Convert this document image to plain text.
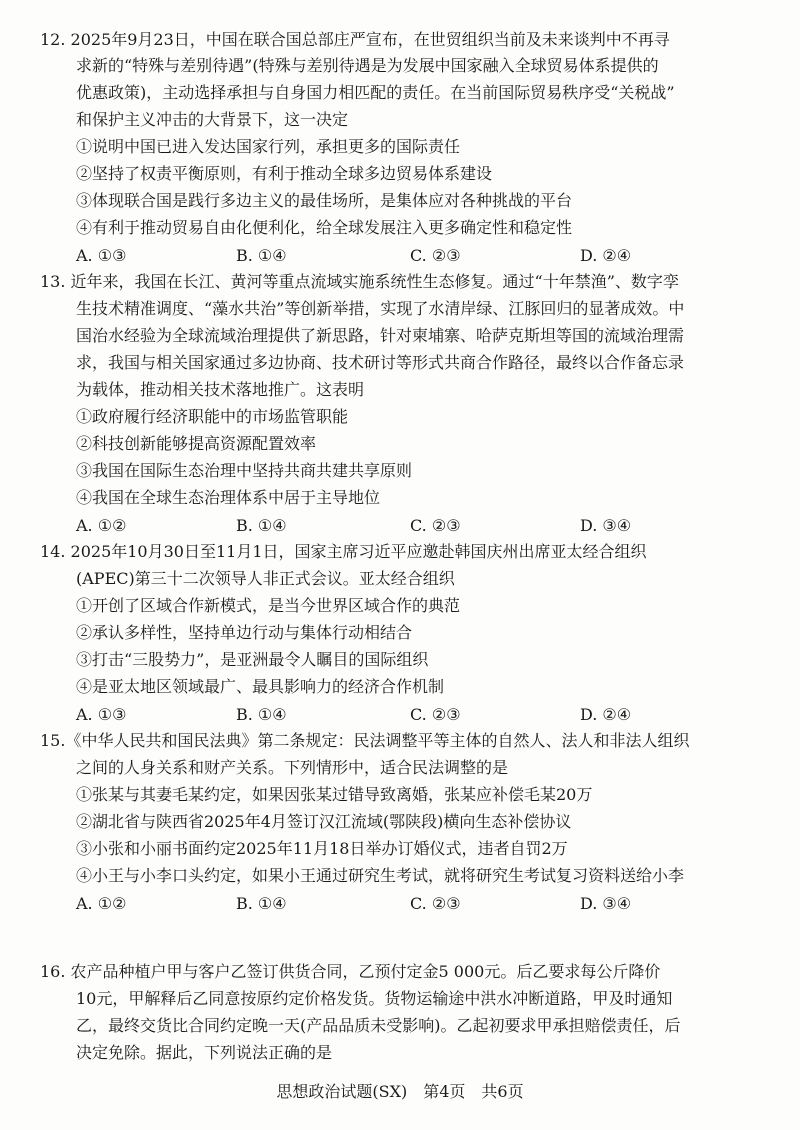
12. 2025年9月23日，中国在联合国总部庄严宣布，在世贸组织当前及未来谈判中不再寻
求新的“特殊与差别待遇”(特殊与差别待遇是为发展中国家融入全球贸易体系提供的
优惠政策)，主动选择承担与自身国力相匹配的责任。在当前国际贸易秩序受“关税战”
和保护主义冲击的大背景下，这一决定
①说明中国已进入发达国家行列，承担更多的国际责任
②坚持了权责平衡原则，有利于推动全球多边贸易体系建设
③体现联合国是践行多边主义的最佳场所，是集体应对各种挑战的平台
④有利于推动贸易自由化便利化，给全球发展注入更多确定性和稳定性
A. ①③	B. ①④	C. ②③	D. ②④
13. 近年来，我国在长江、黄河等重点流域实施系统性生态修复。通过“十年禁渔”、数字孪
生技术精准调度、“藻水共治”等创新举措，实现了水清岸绿、江豚回归的显著成效。中
国治水经验为全球流域治理提供了新思路，针对柬埔寨、哈萨克斯坦等国的流域治理需
求，我国与相关国家通过多边协商、技术研讨等形式共商合作路径，最终以合作备忘录
为载体，推动相关技术落地推广。这表明
①政府履行经济职能中的市场监管职能
②科技创新能够提高资源配置效率
③我国在国际生态治理中坚持共商共建共享原则
④我国在全球生态治理体系中居于主导地位
A. ①②	B. ①④	C. ②③	D. ③④
14. 2025年10月30日至11月1日，国家主席习近平应邀赴韩国庆州出席亚太经合组织
(APEC)第三十二次领导人非正式会议。亚太经合组织
①开创了区域合作新模式，是当今世界区域合作的典范
②承认多样性，坚持单边行动与集体行动相结合
③打击“三股势力”，是亚洲最令人瞩目的国际组织
④是亚太地区领域最广、最具影响力的经济合作机制
A. ①③	B. ①④	C. ②③	D. ②④
15.《中华人民共和国民法典》第二条规定：民法调整平等主体的自然人、法人和非法人组织
之间的人身关系和财产关系。下列情形中，适合民法调整的是
①张某与其妻毛某约定，如果因张某过错导致离婚，张某应补偿毛某20万
②湖北省与陕西省2025年4月签订汉江流域(鄂陕段)横向生态补偿协议
③小张和小丽书面约定2025年11月18日举办订婚仪式，违者自罚2万
④小王与小李口头约定，如果小王通过研究生考试，就将研究生考试复习资料送给小李
A. ①②	B. ①④	C. ②③	D. ③④
16. 农产品种植户甲与客户乙签订供货合同，乙预付定金5 000元。后乙要求每公斤降价
10元，甲解释后乙同意按原约定价格发货。货物运输途中洪水冲断道路，甲及时通知
乙，最终交货比合同约定晚一天(产品品质未受影响)。乙起初要求甲承担赔偿责任，后
决定免除。据此，下列说法正确的是
思想政治试题(SX)　第4页　共6页
